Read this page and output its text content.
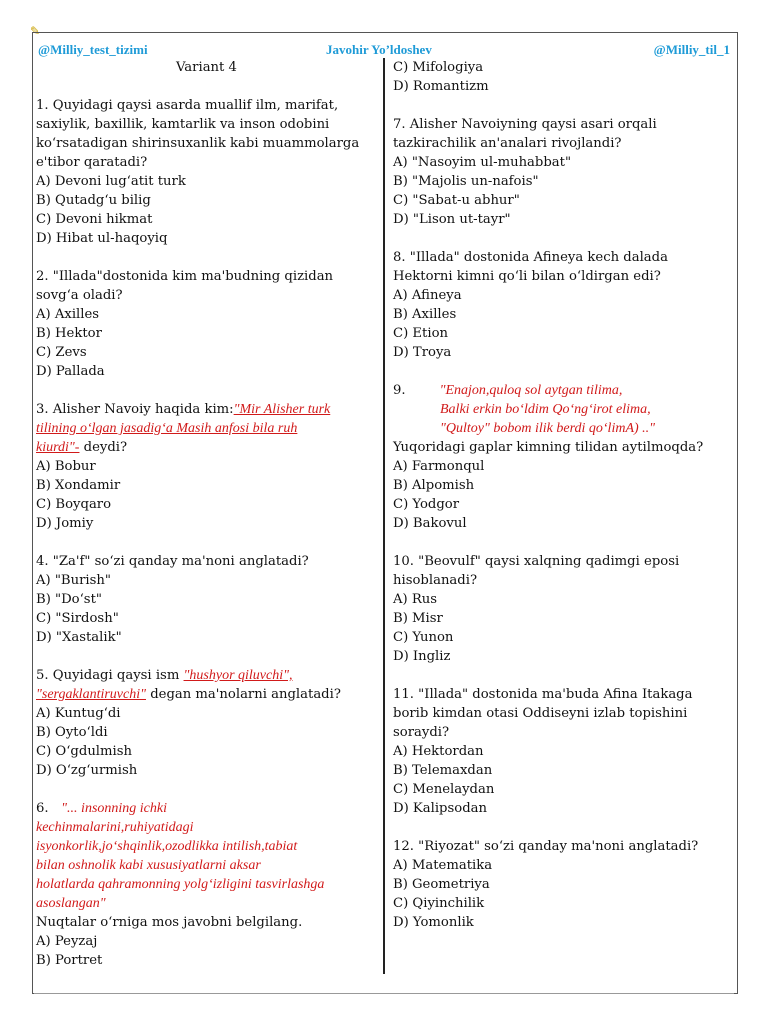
✎
@Milliy_test_tizimi	Javohir Yo’ldoshev	@Milliy_til_1
Variant 4
1. Quyidagi qaysi asarda muallif ilm, marifat,
saxiylik, baxillik, kamtarlik va inson odobini
ko‘rsatadigan shirinsuxanlik kabi muammolarga
e'tibor qaratadi?
A) Devoni lug‘atit turk
B) Qutadg‘u bilig
C) Devoni hikmat
D) Hibat ul-haqoyiq
2. "Illada"dostonida kim ma'budning qizidan
sovg‘a oladi?
A) Axilles
B) Hektor
C) Zevs
D) Pallada
3. Alisher Navoiy haqida kim:"Mir Alisher turk
tilining o‘lgan jasadig‘a Masih anfosi bila ruh
kiurdi"- deydi?
A) Bobur
B) Xondamir
C) Boyqaro
D) Jomiy
4. "Za'f" so‘zi qanday ma'noni anglatadi?
A) "Burish"
B) "Do‘st"
C) "Sirdosh"
D) "Xastalik"
5. Quyidagi qaysi ism "hushyor qiluvchi",
"sergaklantiruvchi" degan ma'nolarni anglatadi?
A) Kuntug‘di
B) Oyto‘ldi
C) O‘gdulmish
D) O‘zg‘urmish
6. "... insonning ichki
kechinmalarini,ruhiyatidagi
isyonkorlik,jo‘shqinlik,ozodlikka intilish,tabiat
bilan oshnolik kabi xususiyatlarni aksar
holatlarda qahramonning yolg‘izligini tasvirlashga
asoslangan"
Nuqtalar o‘rniga mos javobni belgilang.
A) Peyzaj
B) Portret
C) Mifologiya
D) Romantizm
7. Alisher Navoiyning qaysi asari orqali
tazkirachilik an'analari rivojlandi?
A) "Nasoyim ul-muhabbat"
B) "Majolis un-nafois"
C) "Sabat-u abhur"
D) "Lison ut-tayr"
8. "Illada" dostonida Afineya kech dalada
Hektorni kimni qo‘li bilan o‘ldirgan edi?
A) Afineya
B) Axilles
C) Etion
D) Troya
9. "Enajon,quloq sol aytgan tilima,
Balki erkin bo‘ldim Qo‘ng‘irot elima,
"Qultoy" bobom ilik berdi qo‘limA) .."
Yuqoridagi gaplar kimning tilidan aytilmoqda?
A) Farmonqul
B) Alpomish
C) Yodgor
D) Bakovul
10. "Beovulf" qaysi xalqning qadimgi eposi
hisoblanadi?
A) Rus
B) Misr
C) Yunon
D) Ingliz
11. "Illada" dostonida ma'buda Afina Itakaga
borib kimdan otasi Oddiseyni izlab topishini
soraydi?
A) Hektordan
B) Telemaxdan
C) Menelaydan
D) Kalipsodan
12. "Riyozat" so‘zi qanday ma'noni anglatadi?
A) Matematika
B) Geometriya
C) Qiyinchilik
D) Yomonlik
